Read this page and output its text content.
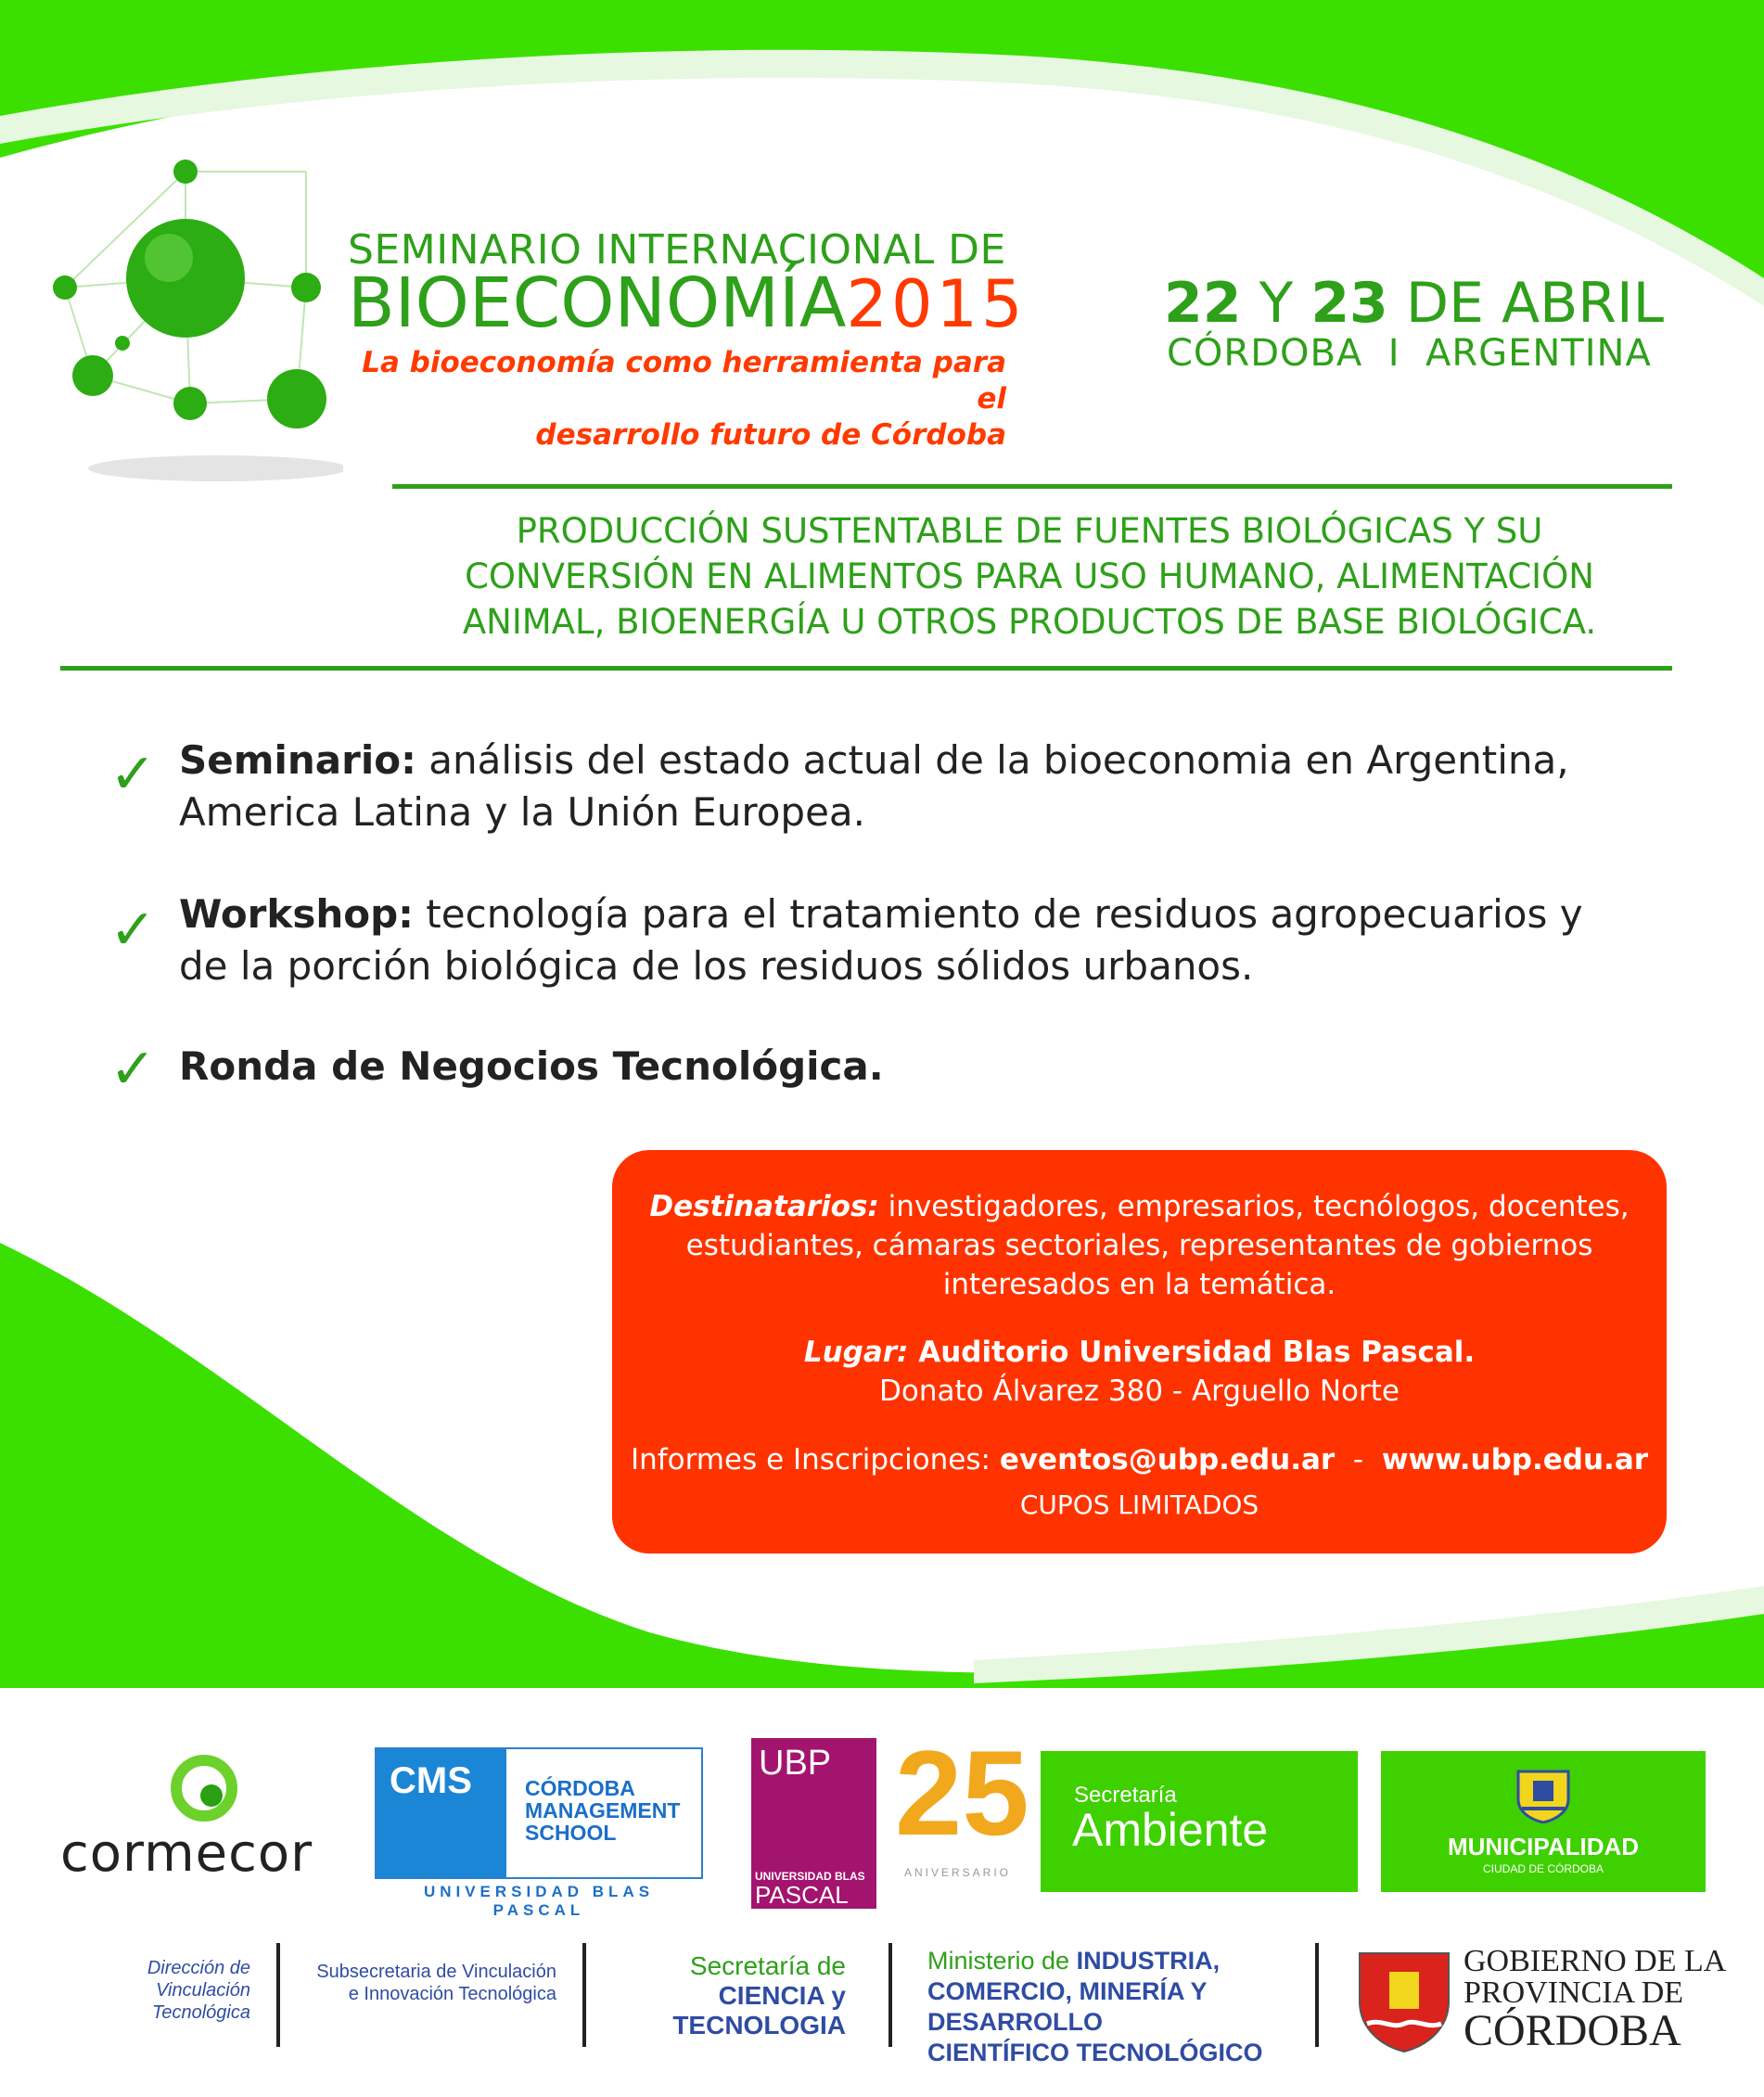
SEMINARIO INTERNACIONAL DE
BIOECONOMÍA2015
La bioeconomía como herramienta para el
desarrollo futuro de Córdoba
22 Y 23 DE ABRIL
CÓRDOBA  I  ARGENTINA
PRODUCCIÓN SUSTENTABLE DE FUENTES BIOLÓGICAS Y SU
CONVERSIÓN EN ALIMENTOS PARA USO HUMANO, ALIMENTACIÓN
ANIMAL, BIOENERGÍA U OTROS PRODUCTOS DE BASE BIOLÓGICA.
✓ Seminario: análisis del estado actual de la bioeconomia en Argentina,
America Latina y la Unión Europea.
✓ Workshop: tecnología para el tratamiento de residuos agropecuarios y
de la porción biológica de los residuos sólidos urbanos.
✓ Ronda de Negocios Tecnológica.
Destinatarios: investigadores, empresarios, tecnólogos, docentes,
estudiantes, cámaras sectoriales, representantes de gobiernos
interesados en la temática.
Lugar: Auditorio Universidad Blas Pascal.
Donato Álvarez 380 - Arguello Norte
Informes e Inscripciones: eventos@ubp.edu.ar  -  www.ubp.edu.ar
CUPOS LIMITADOS
cormecor
CMS CÓRDOBA
MANAGEMENT
SCHOOL
UNIVERSIDAD BLAS PASCAL
UBP
UNIVERSIDAD BLAS
PASCAL
25
ANIVERSARIO
Secretaría
Ambiente	MUNICIPALIDAD
CIUDAD DE CÓRDOBA
Dirección de
Vinculación Tecnológica
Subsecretaria de Vinculación
e Innovación Tecnológica
Secretaría de
CIENCIA y TECNOLOGIA
Ministerio de INDUSTRIA,
COMERCIO, MINERÍA Y DESARROLLO
CIENTÍFICO TECNOLÓGICO
GOBIERNO DE LA
PROVINCIA DE
CÓRDOBA
